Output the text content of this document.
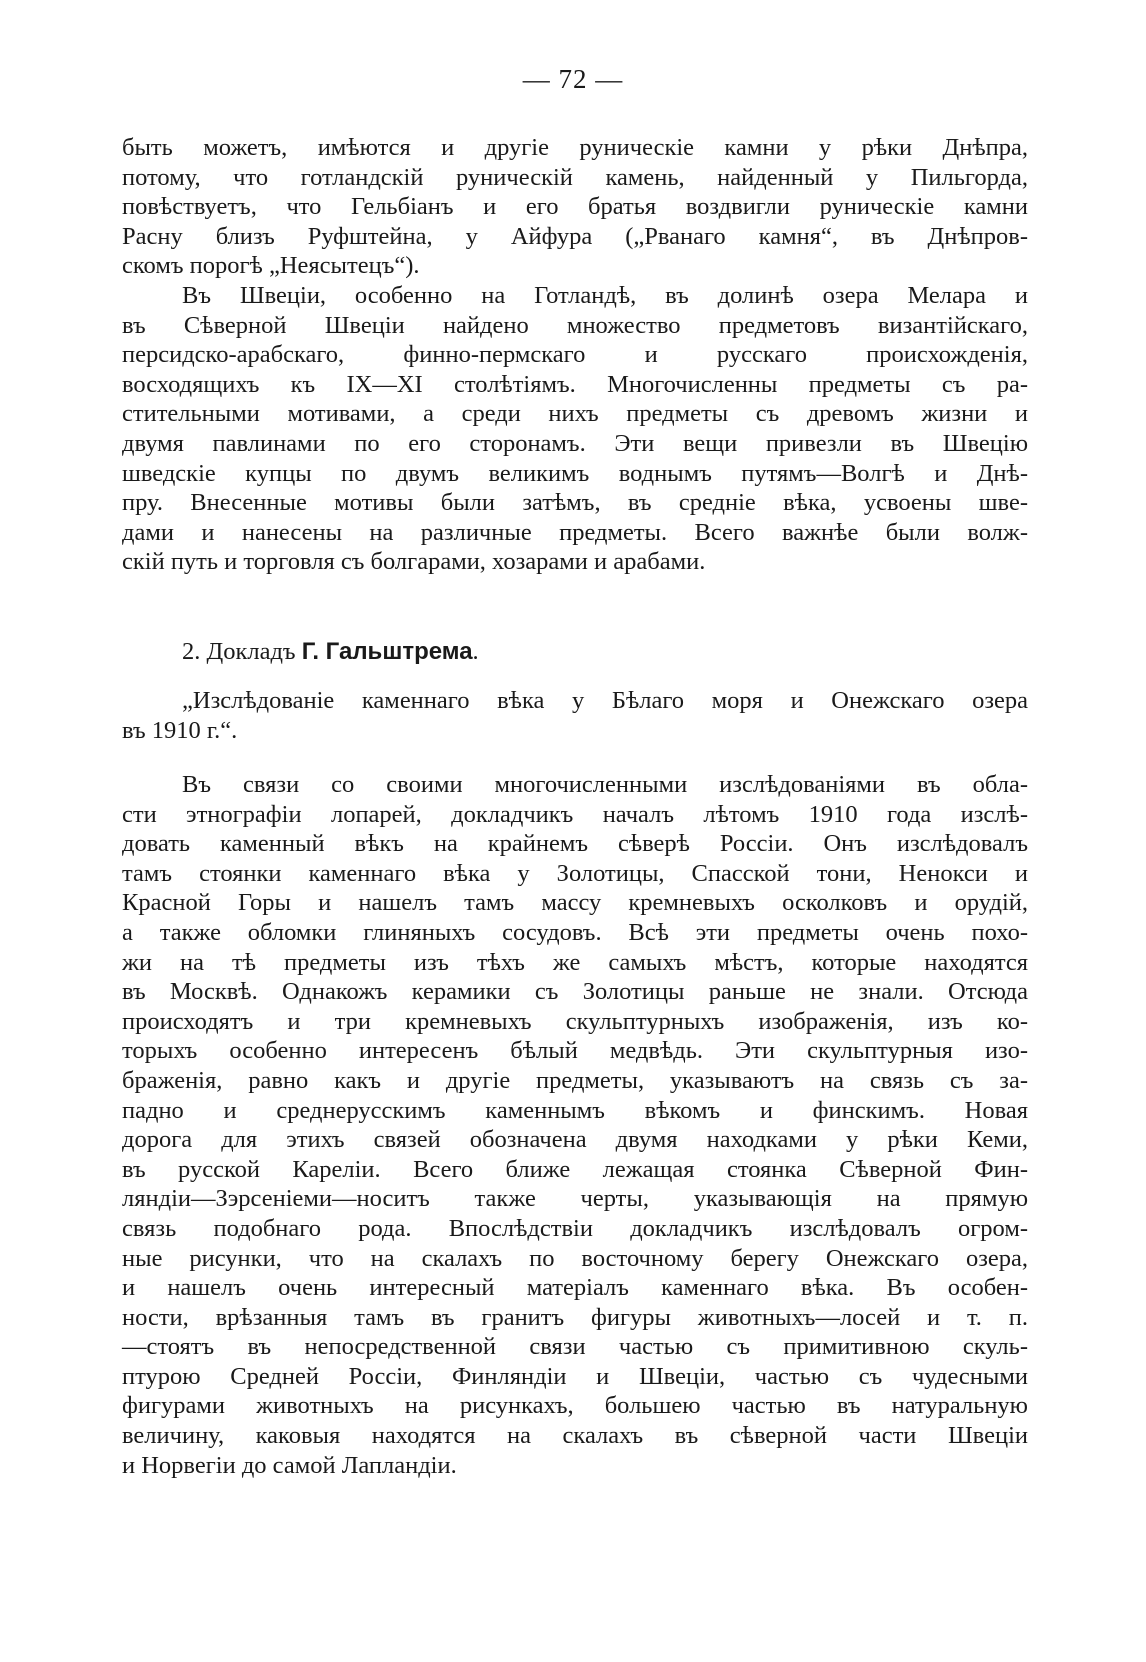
— 72 —
быть можетъ, имѣются и другіе руническіе камни у рѣки Днѣпра,
потому, что готландскій руническій камень, найденный у Пильгорда,
повѣствуетъ, что Гельбіанъ и его братья воздвигли руническіе камни
Расну близъ Руфштейна, у Айфура („Рванаго камня“, въ Днѣпров-
скомъ порогѣ „Неясытецъ“).
Въ Швеціи, особенно на Готландѣ, въ долинѣ озера Мелара и
въ Сѣверной Швеціи найдено множество предметовъ византійскаго,
персидско-арабскаго, финно-пермскаго и русскаго происхожденія,
восходящихъ къ IX—XI столѣтіямъ. Многочисленны предметы съ ра-
стительными мотивами, а среди нихъ предметы съ древомъ жизни и
двумя павлинами по его сторонамъ. Эти вещи привезли въ Швецію
шведскіе купцы по двумъ великимъ воднымъ путямъ—Волгѣ и Днѣ-
пру. Внесенные мотивы были затѣмъ, въ средніе вѣка, усвоены шве-
дами и нанесены на различные предметы. Всего важнѣе были волж-
скій путь и торговля съ болгарами, хозарами и арабами.
2. Докладъ Г. Гальштрема.
„Изслѣдованіе каменнаго вѣка у Бѣлаго моря и Онежскаго озера
въ 1910 г.“.
Въ связи со своими многочисленными изслѣдованіями въ обла-
сти этнографіи лопарей, докладчикъ началъ лѣтомъ 1910 года изслѣ-
довать каменный вѣкъ на крайнемъ сѣверѣ Россіи. Онъ изслѣдовалъ
тамъ стоянки каменнаго вѣка у Золотицы, Спасской тони, Ненокси и
Красной Горы и нашелъ тамъ массу кремневыхъ осколковъ и орудій,
а также обломки глиняныхъ сосудовъ. Всѣ эти предметы очень похо-
жи на тѣ предметы изъ тѣхъ же самыхъ мѣстъ, которые находятся
въ Москвѣ. Однакожъ керамики съ Золотицы раньше не знали. Отсюда
происходятъ и три кремневыхъ скульптурныхъ изображенія, изъ ко-
торыхъ особенно интересенъ бѣлый медвѣдь. Эти скульптурныя изо-
браженія, равно какъ и другіе предметы, указываютъ на связь съ за-
падно и среднерусскимъ каменнымъ вѣкомъ и финскимъ. Новая
дорога для этихъ связей обозначена двумя находками у рѣки Кеми,
въ русской Кареліи. Всего ближе лежащая стоянка Сѣверной Фин-
ляндіи—Зэрсеніеми—носитъ также черты, указывающія на прямую
связь подобнаго рода. Впослѣдствіи докладчикъ изслѣдовалъ огром-
ные рисунки, что на скалахъ по восточному берегу Онежскаго озера,
и нашелъ очень интересный матеріалъ каменнаго вѣка. Въ особен-
ности, врѣзанныя тамъ въ гранитъ фигуры животныхъ—лосей и т. п.
—стоятъ въ непосредственной связи частью съ примитивною скуль-
птурою Средней Россіи, Финляндіи и Швеціи, частью съ чудесными
фигурами животныхъ на рисункахъ, большею частью въ натуральную
величину, каковыя находятся на скалахъ въ сѣверной части Швеціи
и Норвегіи до самой Лапландіи.
